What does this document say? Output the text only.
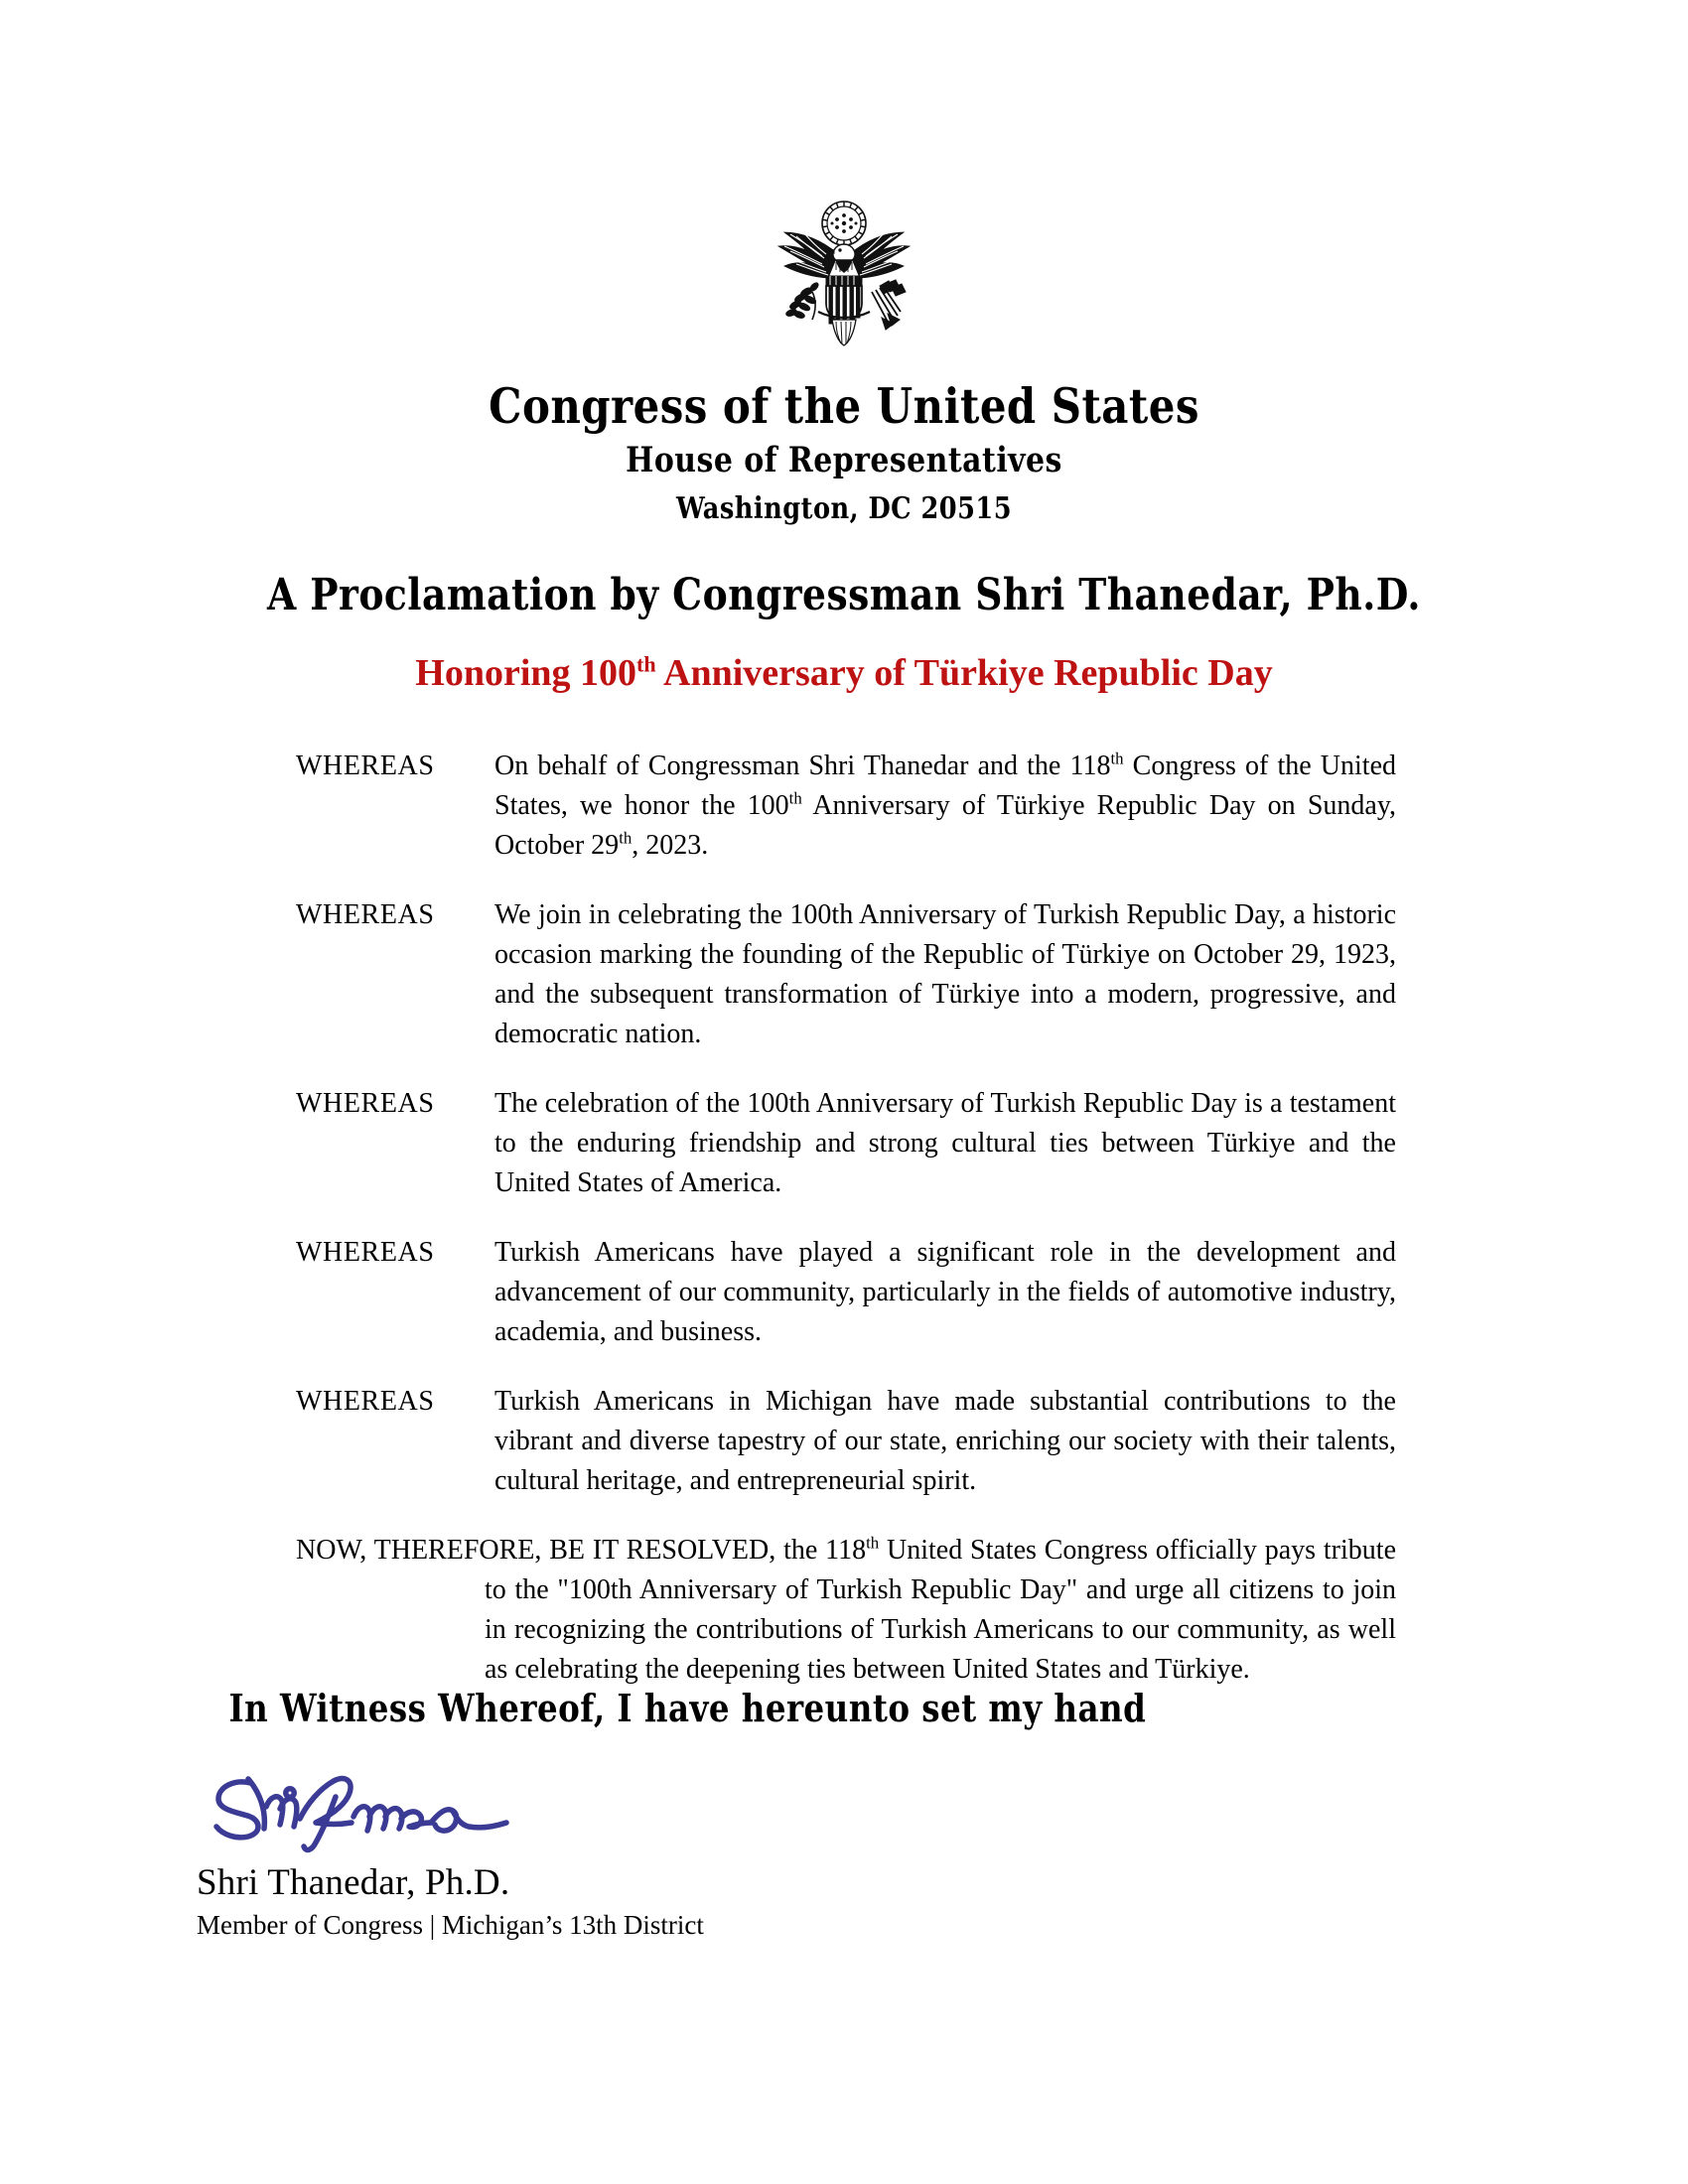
Congress of the United States
House of Representatives
Washington, DC 20515
A Proclamation by Congressman Shri Thanedar, Ph.D.
Honoring 100th Anniversary of Türkiye Republic Day
WHEREAS	On behalf of Congressman Shri Thanedar and the 118th Congress of the United States, we honor the 100th Anniversary of Türkiye Republic Day on Sunday, October 29th, 2023.
WHEREAS	We join in celebrating the 100th Anniversary of Turkish Republic Day, a historic occasion marking the founding of the Republic of Türkiye on October 29, 1923, and the subsequent transformation of Türkiye into a modern, progressive, and democratic nation.
WHEREAS	The celebration of the 100th Anniversary of Turkish Republic Day is a testament to the enduring friendship and strong cultural ties between Türkiye and the United States of America.
WHEREAS	Turkish Americans have played a significant role in the development and advancement of our community, particularly in the fields of automotive industry, academia, and business.
WHEREAS	Turkish Americans in Michigan have made substantial contributions to the vibrant and diverse tapestry of our state, enriching our society with their talents, cultural heritage, and entrepreneurial spirit.
NOW, THEREFORE, BE IT RESOLVED, the 118th United States Congress officially pays tribute to the "100th Anniversary of Turkish Republic Day" and urge all citizens to join in recognizing the contributions of Turkish Americans to our community, as well as celebrating the deepening ties between United States and Türkiye.
In Witness Whereof, I have hereunto set my hand
Shri Thanedar, Ph.D.
Member of Congress | Michigan’s 13th District
